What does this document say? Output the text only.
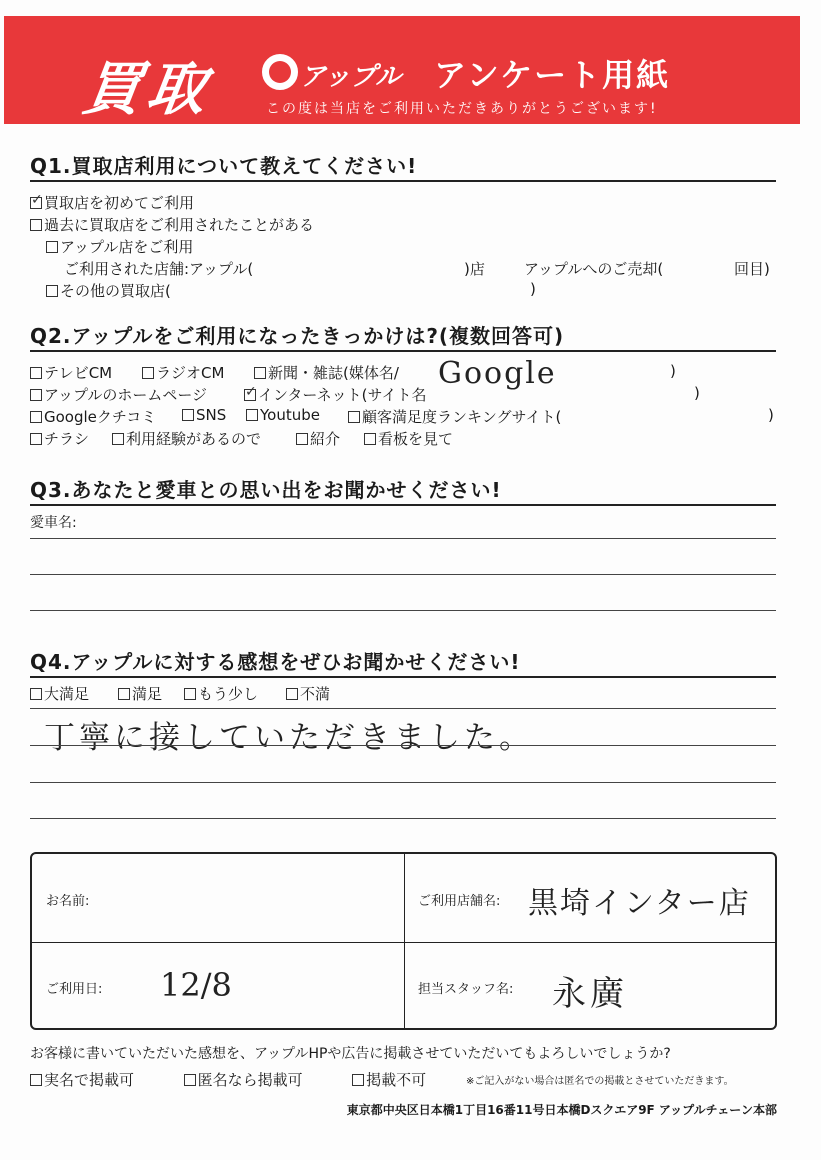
買取	アップル アンケート用紙
この度は当店をご利用いただきありがとうございます!
Q1.買取店利用について教えてください!
✓買取店を初めてご利用
過去に買取店をご利用されたことがある
アップル店をご利用
ご利用された店舗:アップル(	)店	アップルへのご売却(	回目)
その他の買取店(	)
Q2.アップルをご利用になったきっかけは?(複数回答可)
テレビCM	ラジオCM	新聞・雑誌(媒体名/	)
アップルのホームページ
✓	インターネット(サイト名
Google
)
Googleクチコミ	SNS	Youtube	顧客満足度ランキングサイト(	)
チラシ	利用経験があるので	紹介	看板を見て
Q3.あなたと愛車との思い出をお聞かせください!
愛車名:
Q4.アップルに対する感想をぜひお聞かせください!
大満足	満足	もう少し	不満
丁寧に接していただきました。
お名前:	ご利用店舗名: 黒埼インター店
ご利用日: 12/8	担当スタッフ名: 永廣
お客様に書いていただいた感想を、アップルHPや広告に掲載させていただいてもよろしいでしょうか?
実名で掲載可	匿名なら掲載可	掲載不可	※ご記入がない場合は匿名での掲載とさせていただきます。
東京都中央区日本橋1丁目16番11号日本橋Dスクエア9F アップルチェーン本部
